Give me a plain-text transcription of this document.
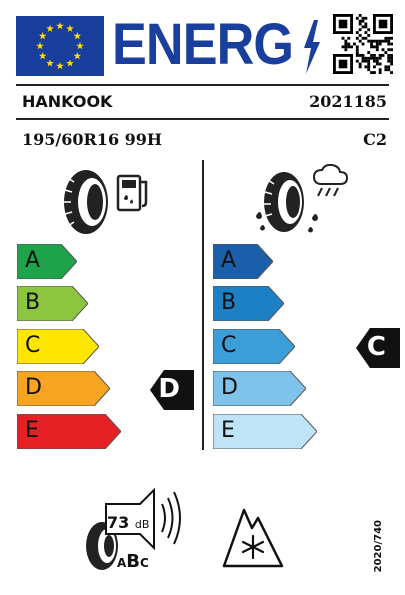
ENERG
HANKOOK	2021185
195/60R16 99H	C2
A
B
C
D
E
D
A
B
C
D
E
C
73 dB
ABC	2020/740
